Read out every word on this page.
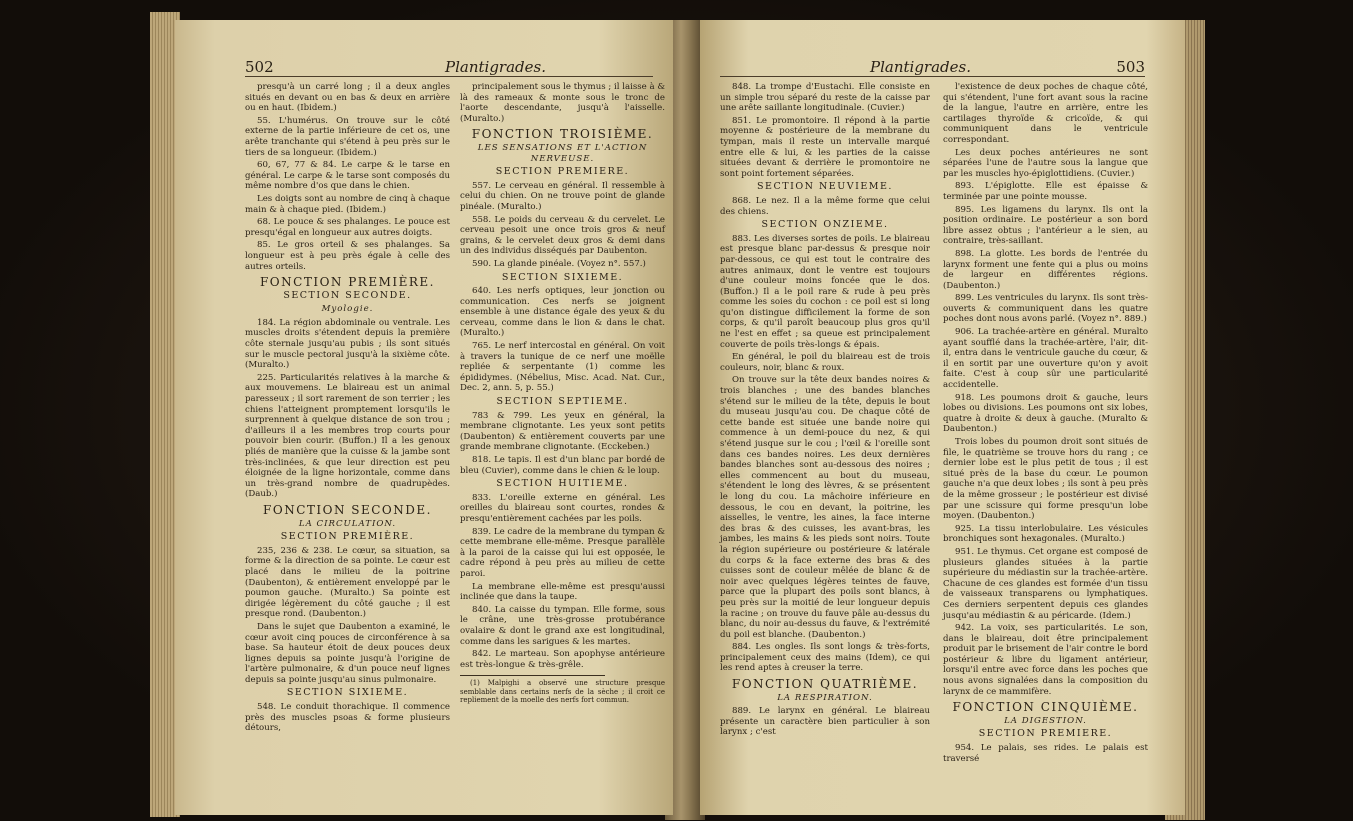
502	Plantigrades.

presqu'à un carré long ; il a deux angles situés en devant ou en bas & deux en arrière ou en haut. (Ibidem.)

55. L'humérus. On trouve sur le côté externe de la partie inférieure de cet os, une arête tranchante qui s'étend à peu près sur le tiers de sa longueur. (Ibidem.)

60, 67, 77 & 84. Le carpe & le tarse en général. Le carpe & le tarse sont composés du même nombre d'os que dans le chien.

Les doigts sont au nombre de cinq à chaque main & à chaque pied. (Ibidem.)

68. Le pouce & ses phalanges. Le pouce est presqu'égal en longueur aux autres doigts.

85. Le gros orteil & ses phalanges. Sa longueur est à peu près égale à celle des autres orteils.

FONCTION PREMIÈRE.
SECTION SECONDE.
Myologie.

184. La région abdominale ou ventrale. Les muscles droits s'étendent depuis la première côte sternale jusqu'au pubis ; ils sont situés sur le muscle pectoral jusqu'à la sixième côte. (Muralto.)

225. Particularités relatives à la marche & aux mouvemens. Le blaireau est un animal paresseux ; il sort rarement de son terrier ; les chiens l'atteignent promptement lorsqu'ils le surprennent à quelque distance de son trou ; d'ailleurs il a les membres trop courts pour pouvoir bien courir. (Buffon.) Il a les genoux pliés de manière que la cuisse & la jambe sont très-inclinées, & que leur direction est peu éloignée de la ligne horizontale, comme dans un très-grand nombre de quadrupèdes. (Daub.)

FONCTION SECONDE.
LA CIRCULATION.
SECTION PREMIÈRE.

235, 236 & 238. Le cœur, sa situation, sa forme & la direction de sa pointe. Le cœur est placé dans le milieu de la poitrine (Daubenton), & entièrement enveloppé par le poumon gauche. (Muralto.) Sa pointe est dirigée légèrement du côté gauche ; il est presque rond. (Daubenton.)

Dans le sujet que Daubenton a examiné, le cœur avoit cinq pouces de circonférence à sa base. Sa hauteur étoit de deux pouces deux lignes depuis sa pointe jusqu'à l'origine de l'artère pulmonaire, & d'un pouce neuf lignes depuis sa pointe jusqu'au sinus pulmonaire.

SECTION SIXIEME.

548. Le conduit thorachique. Il commence près des muscles psoas & forme plusieurs détours,

principalement sous le thymus ; il laisse à & là des rameaux & monte sous le tronc de l'aorte descendante, jusqu'à l'aisselle. (Muralto.)

FONCTION TROISIÈME.
LES SENSATIONS ET L'ACTION NERVEUSE.
SECTION PREMIERE.

557. Le cerveau en général. Il ressemble à celui du chien. On ne trouve point de glande pinéale. (Muralto.)

558. Le poids du cerveau & du cervelet. Le cerveau pesoit une once trois gros & neuf grains, & le cervelet deux gros & demi dans un des individus disséqués par Daubenton.

590. La glande pinéale. (Voyez n°. 557.)

SECTION SIXIEME.

640. Les nerfs optiques, leur jonction ou communication. Ces nerfs se joignent ensemble à une distance égale des yeux & du cerveau, comme dans le lion & dans le chat. (Muralto.)

765. Le nerf intercostal en général. On voit à travers la tunique de ce nerf une moëlle repliée & serpentante (1) comme les épididymes. (Nébelius, Misc. Acad. Nat. Cur., Dec. 2, ann. 5, p. 55.)

SECTION SEPTIEME.

783 & 799. Les yeux en général, la membrane clignotante. Les yeux sont petits (Daubenton) & entièrement couverts par une grande membrane clignotante. (Ecckeben.)

818. Le tapis. Il est d'un blanc par bordé de bleu (Cuvier), comme dans le chien & le loup.

SECTION HUITIEME.

833. L'oreille externe en général. Les oreilles du blaireau sont courtes, rondes & presqu'entièrement cachées par les poils.

839. Le cadre de la membrane du tympan & cette membrane elle-même. Presque parallèle à la paroi de la caisse qui lui est opposée, le cadre répond à peu près au milieu de cette paroi.

La membrane elle-même est presqu'aussi inclinée que dans la taupe.

840. La caisse du tympan. Elle forme, sous le crâne, une très-grosse protubérance ovalaire & dont le grand axe est longitudinal, comme dans les sarigues & les martes.

842. Le marteau. Son apophyse antérieure est très-longue & très-grêle.

(1) Malpighi a observé une structure presque semblable dans certains nerfs de la sèche ; il croit ce repliement de la moelle des nerfs fort commun.

Plantigrades.	503

848. La trompe d'Eustachi. Elle consiste en un simple trou séparé du reste de la caisse par une arête saillante longitudinale. (Cuvier.)

851. Le promontoire. Il répond à la partie moyenne & postérieure de la membrane du tympan, mais il reste un intervalle marqué entre elle & lui, & les parties de la caisse situées devant & derrière le promontoire ne sont point fortement séparées.

SECTION NEUVIEME.

868. Le nez. Il a la même forme que celui des chiens.

SECTION ONZIEME.

883. Les diverses sortes de poils. Le blaireau est presque blanc par-dessus & presque noir par-dessous, ce qui est tout le contraire des autres animaux, dont le ventre est toujours d'une couleur moins foncée que le dos. (Buffon.) Il a le poil rare & rude à peu près comme les soies du cochon : ce poil est si long qu'on distingue difficilement la forme de son corps, & qu'il paroît beaucoup plus gros qu'il ne l'est en effet ; sa queue est principalement couverte de poils très-longs & épais.

En général, le poil du blaireau est de trois couleurs, noir, blanc & roux.

On trouve sur la tête deux bandes noires & trois blanches ; une des bandes blanches s'étend sur le milieu de la tête, depuis le bout du museau jusqu'au cou. De chaque côté de cette bande est située une bande noire qui commence à un demi-pouce du nez, & qui s'étend jusque sur le cou ; l'œil & l'oreille sont dans ces bandes noires. Les deux dernières bandes blanches sont au-dessous des noires ; elles commencent au bout du museau, s'étendent le long des lèvres, & se présentent le long du cou. La mâchoire inférieure en dessous, le cou en devant, la poitrine, les aisselles, le ventre, les aines, la face interne des bras & des cuisses, les avant-bras, les jambes, les mains & les pieds sont noirs. Toute la région supérieure ou postérieure & latérale du corps & la face externe des bras & des cuisses sont de couleur mêlée de blanc & de noir avec quelques légères teintes de fauve, parce que la plupart des poils sont blancs, à peu près sur la moitié de leur longueur depuis la racine ; on trouve du fauve pâle au-dessus du blanc, du noir au-dessus du fauve, & l'extrémité du poil est blanche. (Daubenton.)

884. Les ongles. Ils sont longs & très-forts, principalement ceux des mains (Idem), ce qui les rend aptes à creuser la terre.

FONCTION QUATRIÈME.
LA RESPIRATION.

889. Le larynx en général. Le blaireau présente un caractère bien particulier à son larynx ; c'est

l'existence de deux poches de chaque côté, qui s'étendent, l'une fort avant sous la racine de la langue, l'autre en arrière, entre les cartilages thyroïde & cricoïde, & qui communiquent dans le ventricule correspondant.

Les deux poches antérieures ne sont séparées l'une de l'autre sous la langue que par les muscles hyo-épiglottidiens. (Cuvier.)

893. L'épiglotte. Elle est épaisse & terminée par une pointe mousse.

895. Les ligamens du larynx. Ils ont la position ordinaire. Le postérieur a son bord libre assez obtus ; l'antérieur a le sien, au contraire, très-saillant.

898. La glotte. Les bords de l'entrée du larynx forment une fente qui a plus ou moins de largeur en différentes régions. (Daubenton.)

899. Les ventricules du larynx. Ils sont très-ouverts & communiquent dans les quatre poches dont nous avons parlé. (Voyez n°. 889.)

906. La trachée-artère en général. Muralto ayant soufflé dans la trachée-artère, l'air, dit-il, entra dans le ventricule gauche du cœur, & il en sortit par une ouverture qu'on y avoit faite. C'est à coup sûr une particularité accidentelle.

918. Les poumons droit & gauche, leurs lobes ou divisions. Les poumons ont six lobes, quatre à droite & deux à gauche. (Muralto & Daubenton.)

Trois lobes du poumon droit sont situés de file, le quatrième se trouve hors du rang ; ce dernier lobe est le plus petit de tous ; il est situé près de la base du cœur. Le poumon gauche n'a que deux lobes ; ils sont à peu près de la même grosseur ; le postérieur est divisé par une scissure qui forme presqu'un lobe moyen. (Daubenton.)

925. La tissu interlobulaire. Les vésicules bronchiques sont hexagonales. (Muralto.)

951. Le thymus. Cet organe est composé de plusieurs glandes situées à la partie supérieure du médiastin sur la trachée-artère. Chacune de ces glandes est formée d'un tissu de vaisseaux transparens ou lymphatiques. Ces derniers serpentent depuis ces glandes jusqu'au médiastin & au péricarde. (Idem.)

942. La voix, ses particularités. Le son, dans le blaireau, doit être principalement produit par le brisement de l'air contre le bord postérieur & libre du ligament antérieur, lorsqu'il entre avec force dans les poches que nous avons signalées dans la composition du larynx de ce mammifère.

FONCTION CINQUIÈME.
LA DIGESTION.
SECTION PREMIERE.

954. Le palais, ses rides. Le palais est traversé
